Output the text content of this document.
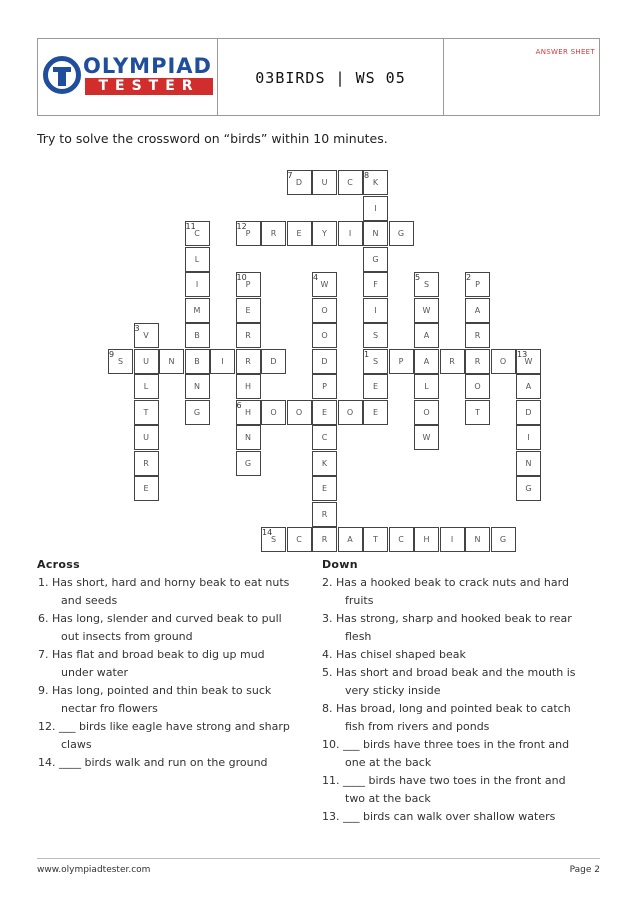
OLYMPIAD
TESTER	03BIRDS | WS 05
ANSWER SHEET
Try to solve the crossword on “birds” within 10 minutes.
S	P	A	R	R	O	W
P
A
R
O
T
V
U
L
T
U
R
E
W
O
O
D
P
E
C
K
E
R
S
W
A
L
O
W
H	O	O	O	E
D	U	C	K
I
N
G
F
I
S
E
S	N	B	I	R	D
P
E
R
H
N
G
C
L
I
M
B
N
G
P	R	E	Y	I	G
A
D
I
N
G
S	C	R	A	T	C	H	I	N	G
1
2
3
4	5
6
7	8
9
10
11	12
13
14
Across	Down
1. Has short, hard and horny beak to eat nuts
and seeds
6. Has long, slender and curved beak to pull
out insects from ground
7. Has flat and broad beak to dig up mud
under water
9. Has long, pointed and thin beak to suck
nectar fro flowers
12. ___ birds like eagle have strong and sharp
claws
14. ____ birds walk and run on the ground
2. Has a hooked beak to crack nuts and hard
fruits
3. Has strong, sharp and hooked beak to rear
flesh
4. Has chisel shaped beak
5. Has short and broad beak and the mouth is
very sticky inside
8. Has broad, long and pointed beak to catch
fish from rivers and ponds
10. ___ birds have three toes in the front and
one at the back
11. ____ birds have two toes in the front and
two at the back
13. ___ birds can walk over shallow waters
www.olympiadtester.com	Page 2
